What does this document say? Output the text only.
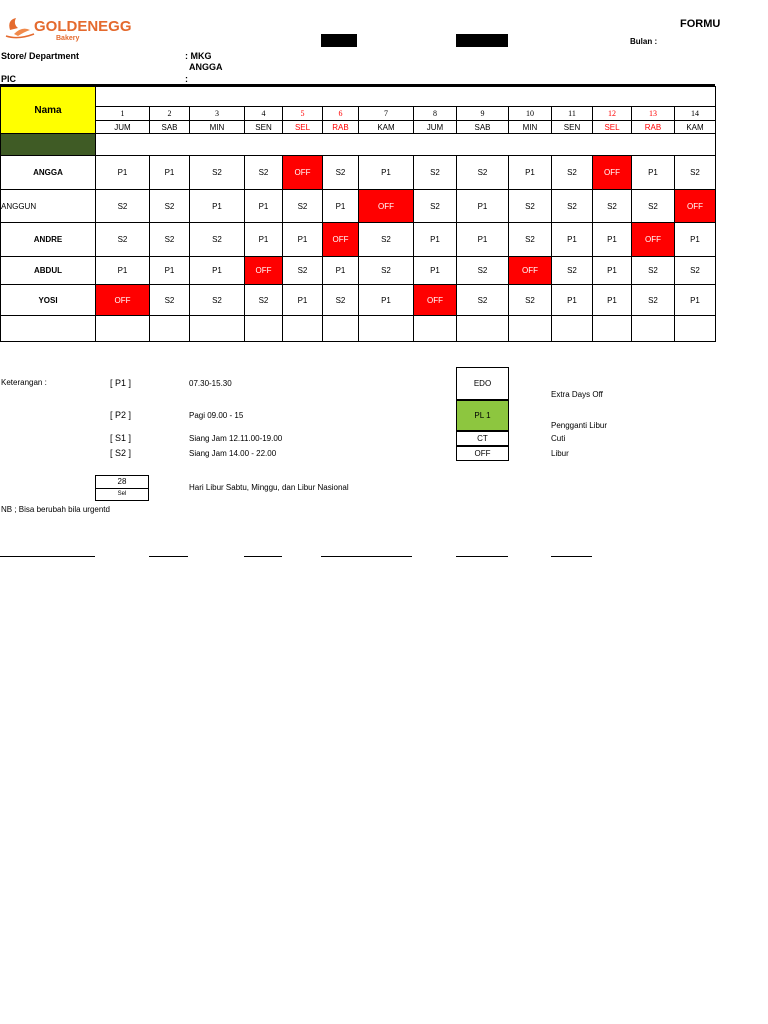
GOLDENEGG
Bakery
FORMU
Bulan :
Store/ Department	: MKG
ANGGA
PIC	:
Nama														
	1	2	3	4	5	6	7	8	9	10	11	12	13	14
	JUM	SAB	MIN	SEN	SEL	RAB	KAM	JUM	SAB	MIN	SEN	SEL	RAB	KAM

ANGGA	P1	P1	S2	S2	OFF	S2	P1	S2	S2	P1	S2	OFF	P1	S2
ANGGUN	S2	S2	P1	P1	S2	P1	OFF	S2	P1	S2	S2	S2	S2	OFF
ANDRE	S2	S2	S2	P1	P1	OFF	S2	P1	P1	S2	P1	P1	OFF	P1
ABDUL	P1	P1	P1	OFF	S2	P1	S2	P1	S2	OFF	S2	P1	S2	S2
YOSI	OFF	S2	S2	S2	P1	S2	P1	OFF	S2	S2	P1	P1	S2	P1

Keterangan :	[ P1 ]	07.30-15.30
[ P2 ]	Pagi 09.00 - 15
[ S1 ]	Siang Jam 12.11.00-19.00
[ S2 ]	Siang Jam 14.00 - 22.00
EDO
Extra Days Off
PL 1
Pengganti Libur
CT	Cuti
OFF	Libur
28
Sel
Hari Libur Sabtu, Minggu, dan Libur Nasional
NB ; Bisa berubah bila urgentd
